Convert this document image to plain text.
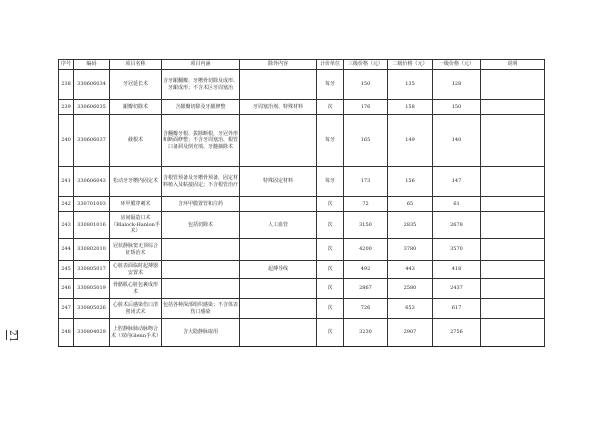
21
序号	编码	项目名称	项目内涵	除外内容	计价单位	三级价格（元）	二级价格（元）	一级价格（元）	说明
238	330606034	牙冠延长术	含牙龈翻瓣、牙槽骨切除及成形、牙龈成形；不含术区牙周塞治		每牙	150	135	128	
239	330606035	龈瓣切除术	含龈瓣切除及牙龈修整	牙周塞治剂、特殊材料	次	176	158	150	
240	330606037	截根术	含翻瓣牙根、拔除断根，牙冠外形和断面修整；不含牙周塞治、根管口备洞及倒充填、牙髓摘除术		每牙	165	149	140	
241	330606043	松动牙牙槽内固定术	含根管预备及牙槽骨预备，固定材料植入及粘接固定；不含根管治疗	特殊固定材料	每牙	173	156	147	
242	330701003	环甲膜穿刺术	含环甲膜置管和注药		次	72	65	61	
243	330801016	房间隔造口术（Blalock-Hanlon手术）	包括切除术	人工血管	次	3150	2835	2678	
244	330802010	冠状静脉窦无顶综合征矫治术			次	4200	3780	3570	
245	330805017	心脏表面临时起搏器安置术		起搏导线	次	492	443	418	
246	330805019	骨骼肌心脏包裹成形术			次	2867	2580	2437	
247	330805026	心脏术后感染伤口清创闭式术	包括各种深部组织感染；不含体表伤口感染		次	726	653	617	
248	330804029	上腔静脉肺动脉吻合术（双向Glenn手术）	含大隐静脉取用		次	3230	2907	2756	
